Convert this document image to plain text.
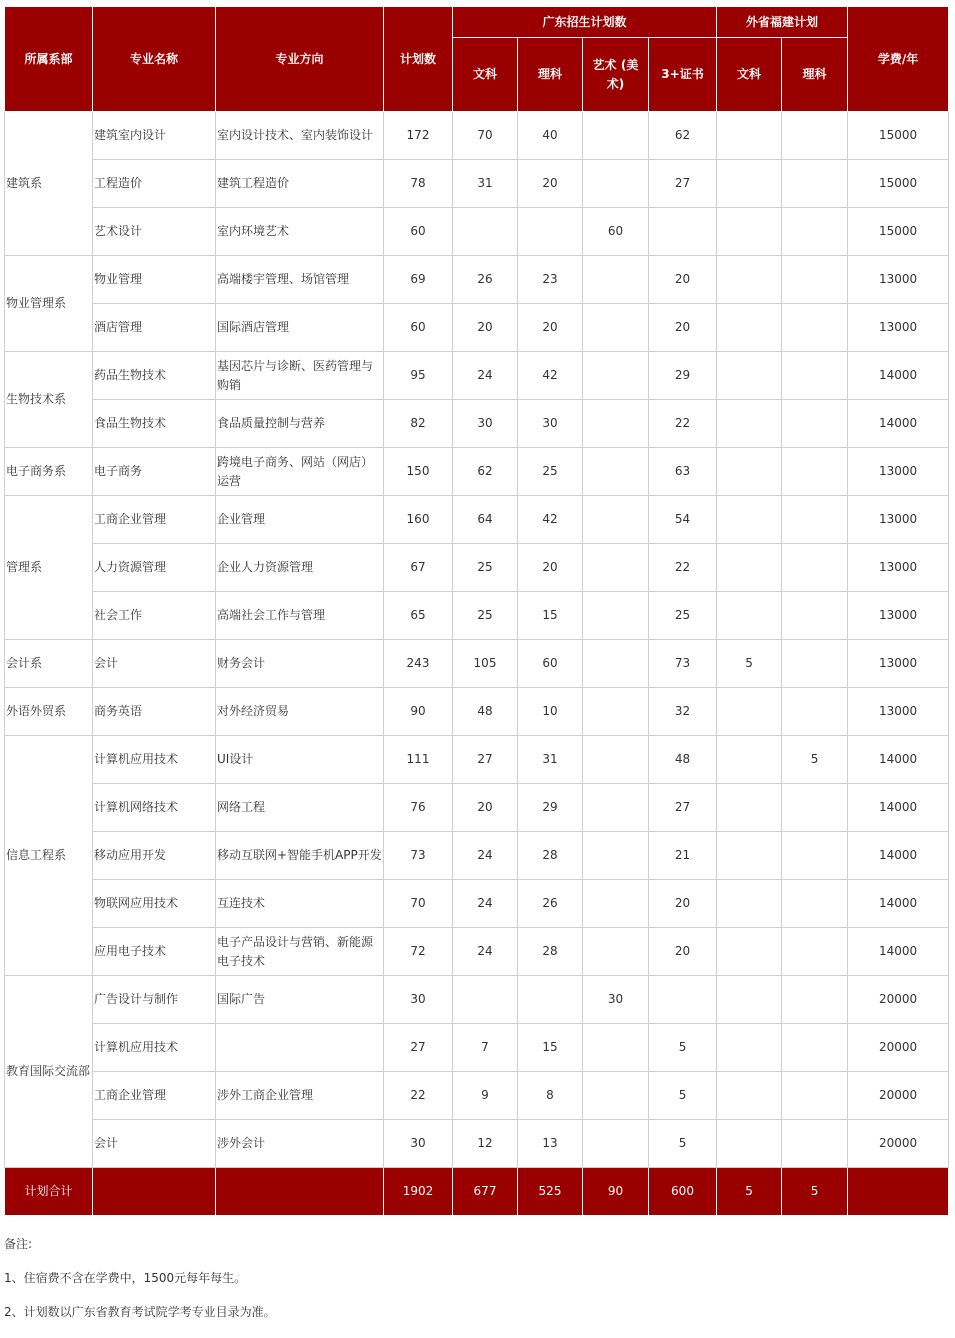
所属系部	专业名称	专业方向	计划数	广东招生计划数				外省福建计划		学费/年
				文科	理科	艺术 (美术)	3+证书	文科	理科	
建筑系	建筑室内设计	室内设计技术、室内装饰设计	172	70	40		62			15000
	工程造价	建筑工程造价	78	31	20		27			15000
	艺术设计	室内环境艺术	60			60				15000
物业管理系	物业管理	高端楼宇管理、场馆管理	69	26	23		20			13000
	酒店管理	国际酒店管理	60	20	20		20			13000
生物技术系	药品生物技术	基因芯片与诊断、医药管理与购销	95	24	42		29			14000
	食品生物技术	食品质量控制与营养	82	30	30		22			14000
电子商务系	电子商务	跨境电子商务、网站（网店）运营	150	62	25		63			13000
管理系	工商企业管理	企业管理	160	64	42		54			13000
	人力资源管理	企业人力资源管理	67	25	20		22			13000
	社会工作	高端社会工作与管理	65	25	15		25			13000
会计系	会计	财务会计	243	105	60		73	5		13000
外语外贸系	商务英语	对外经济贸易	90	48	10		32			13000
信息工程系	计算机应用技术	UI设计	111	27	31		48		5	14000
	计算机网络技术	网络工程	76	20	29		27			14000
	移动应用开发	移动互联网+智能手机APP开发	73	24	28		21			14000
	物联网应用技术	互连技术	70	24	26		20			14000
	应用电子技术	电子产品设计与营销、新能源电子技术	72	24	28		20			14000
教育国际交流部	广告设计与制作	国际广告	30			30				20000
	计算机应用技术		27	7	15		5			20000
	工商企业管理	涉外工商企业管理	22	9	8		5			20000
	会计	涉外会计	30	12	13		5			20000
计划合计			1902	677	525	90	600	5	5	

备注:

1、住宿费不含在学费中，1500元每年每生。

2、计划数以广东省教育考试院学考专业目录为准。
